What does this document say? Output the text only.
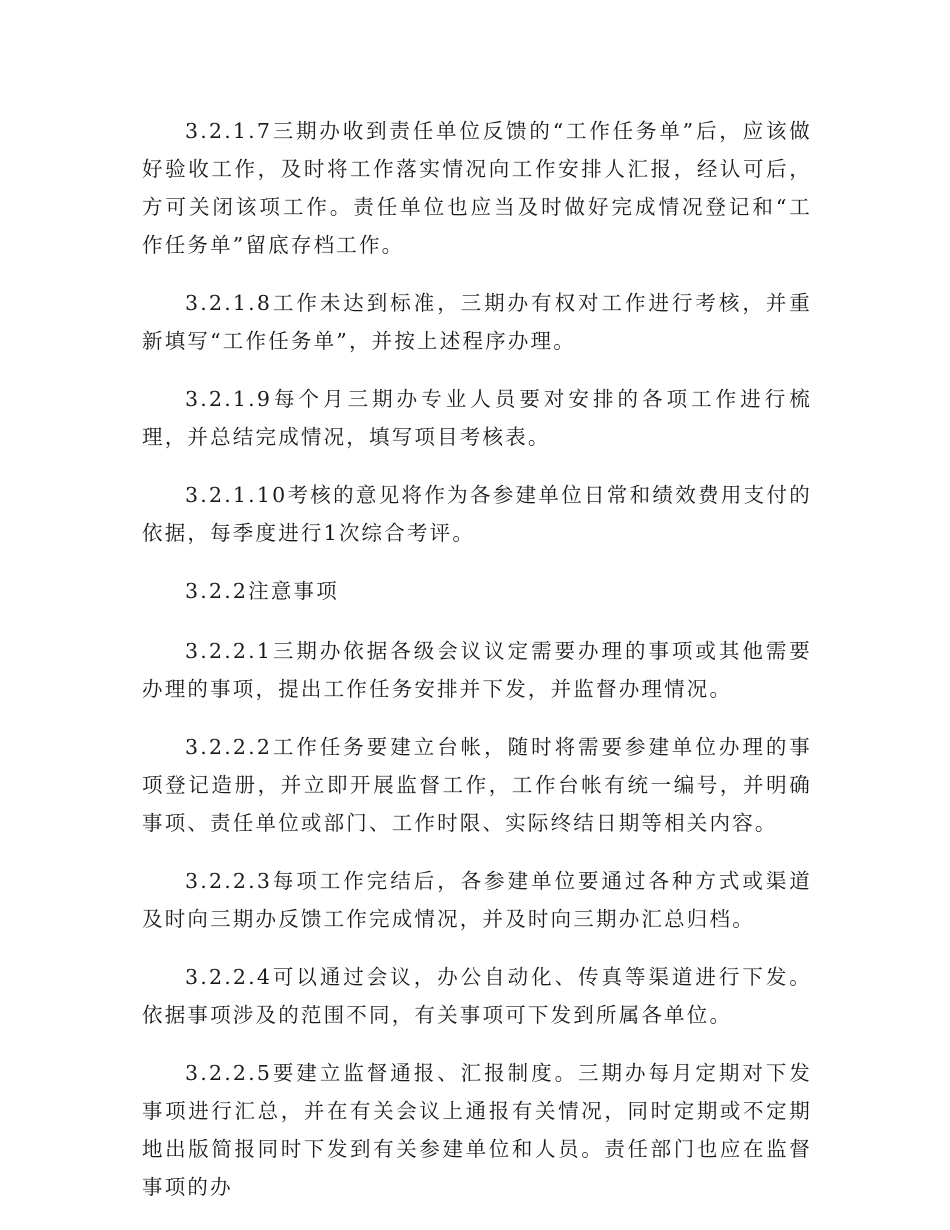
3.2.1.7三期办收到责任单位反馈的“工作任务单”后，应该做好验收工作，及时将工作落实情况向工作安排人汇报，经认可后，方可关闭该项工作。责任单位也应当及时做好完成情况登记和“工作任务单”留底存档工作。

3.2.1.8工作未达到标准，三期办有权对工作进行考核，并重新填写“工作任务单”，并按上述程序办理。

3.2.1.9每个月三期办专业人员要对安排的各项工作进行梳理，并总结完成情况，填写项目考核表。

3.2.1.10考核的意见将作为各参建单位日常和绩效费用支付的依据，每季度进行1次综合考评。

3.2.2注意事项

3.2.2.1三期办依据各级会议议定需要办理的事项或其他需要办理的事项，提出工作任务安排并下发，并监督办理情况。

3.2.2.2工作任务要建立台帐，随时将需要参建单位办理的事项登记造册，并立即开展监督工作，工作台帐有统一编号，并明确事项、责任单位或部门、工作时限、实际终结日期等相关内容。

3.2.2.3每项工作完结后，各参建单位要通过各种方式或渠道及时向三期办反馈工作完成情况，并及时向三期办汇总归档。

3.2.2.4可以通过会议，办公自动化、传真等渠道进行下发。依据事项涉及的范围不同，有关事项可下发到所属各单位。

3.2.2.5要建立监督通报、汇报制度。三期办每月定期对下发事项进行汇总，并在有关会议上通报有关情况，同时定期或不定期地出版简报同时下发到有关参建单位和人员。责任部门也应在监督事项的办
